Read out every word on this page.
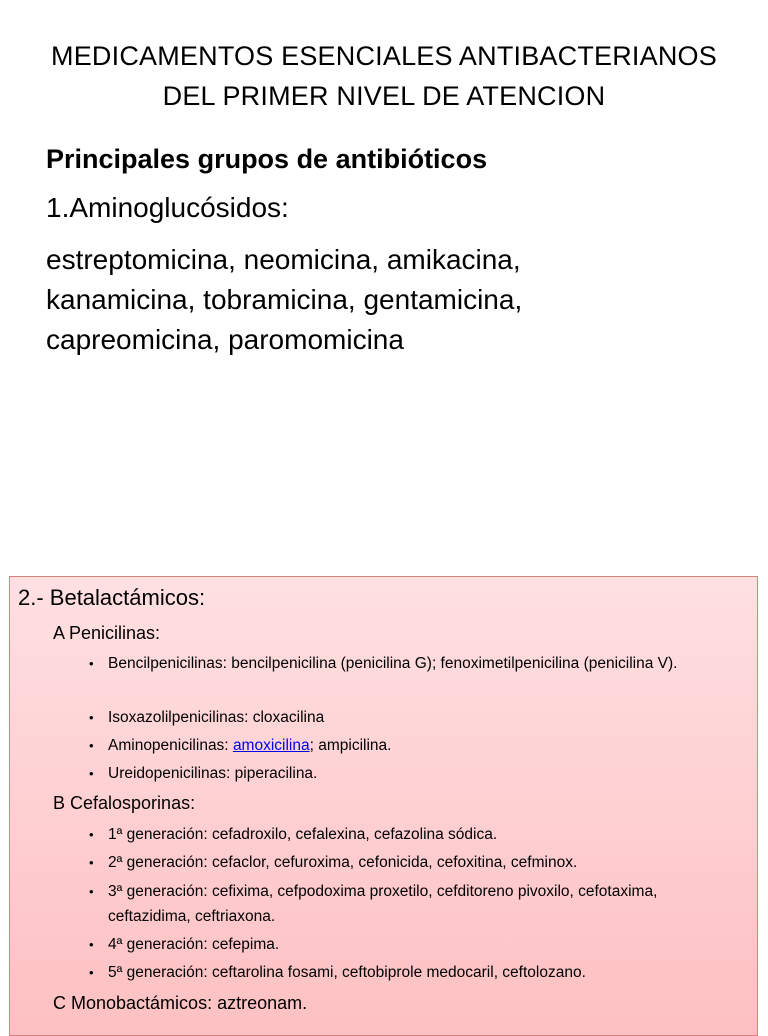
MEDICAMENTOS ESENCIALES ANTIBACTERIANOS
DEL PRIMER NIVEL DE ATENCION
Principales grupos de antibióticos
1.Aminoglucósidos:
estreptomicina, neomicina, amikacina,
kanamicina, tobramicina, gentamicina,
capreomicina, paromomicina
2.- Betalactámicos:
A Penicilinas:
• Bencilpenicilinas: bencilpenicilina (penicilina G); fenoximetilpenicilina (penicilina V).
• Isoxazolilpenicilinas: cloxacilina
• Aminopenicilinas: amoxicilina; ampicilina.
• Ureidopenicilinas: piperacilina.
B Cefalosporinas:
• 1ª generación: cefadroxilo, cefalexina, cefazolina sódica.
• 2ª generación: cefaclor, cefuroxima, cefonicida, cefoxitina, cefminox.
• 3ª generación: cefixima, cefpodoxima proxetilo, cefditoreno pivoxilo, cefotaxima, ceftazidima, ceftriaxona.
• 4ª generación: cefepima.
• 5ª generación: ceftarolina fosami, ceftobiprole medocaril, ceftolozano.
C Monobactámicos: aztreonam.
